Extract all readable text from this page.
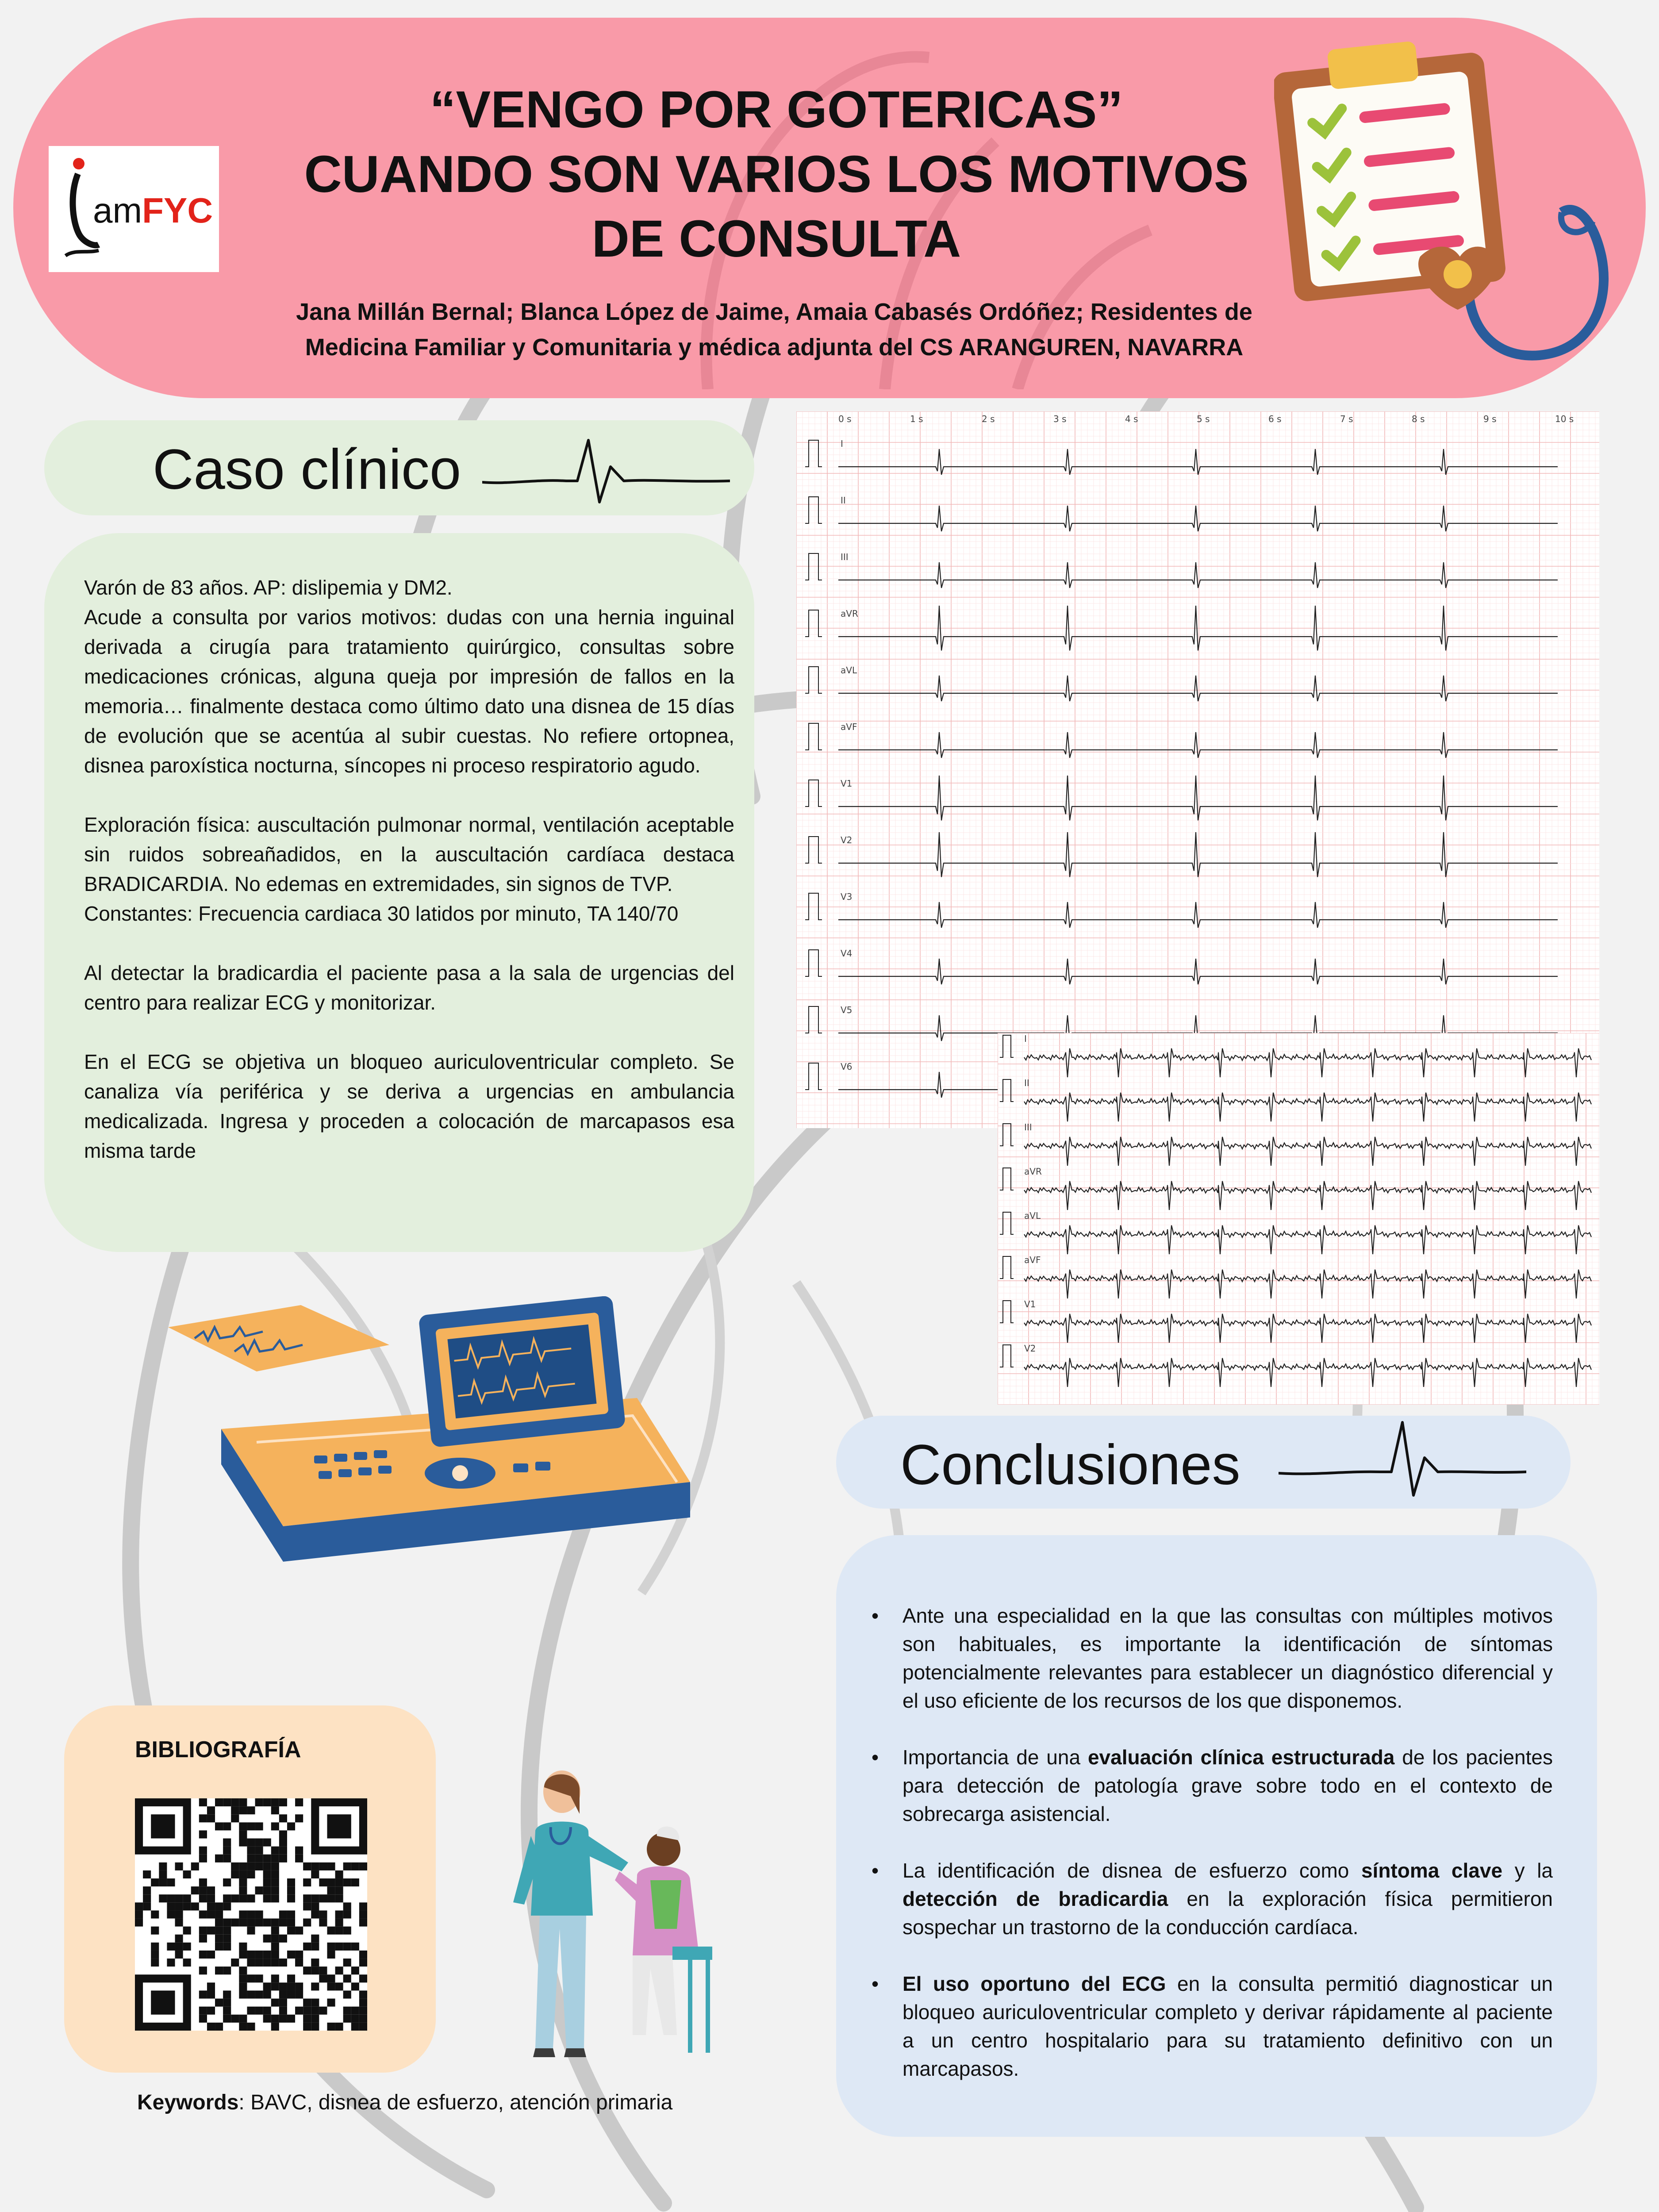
amFYC
“VENGO POR GOTERICAS”
CUANDO SON VARIOS LOS MOTIVOS
DE CONSULTA
Jana Millán Bernal; Blanca López de Jaime, Amaia Cabasés Ordóñez; Residentes de
Medicina Familiar y Comunitaria y médica adjunta del CS ARANGUREN, NAVARRA
Caso clínico

Varón de 83 años. AP: dislipemia y DM2.

Acude a consulta por varios motivos: dudas con una hernia inguinal derivada a cirugía para tratamiento quirúrgico, consultas sobre medicaciones crónicas, alguna queja por impresión de fallos en la memoria… finalmente destaca como último dato una disnea de 15 días de evolución que se acentúa al subir cuestas. No refiere ortopnea, disnea paroxística nocturna, síncopes ni proceso respiratorio agudo.

Exploración física: auscultación pulmonar normal, ventilación aceptable sin ruidos sobreañadidos, en la auscultación cardíaca destaca BRADICARDIA. No edemas en extremidades, sin signos de TVP.

Constantes: Frecuencia cardiaca 30 latidos por minuto, TA 140/70

Al detectar la bradicardia el paciente pasa a la sala de urgencias del centro para realizar ECG y monitorizar.

En el ECG se objetiva un bloqueo auriculoventricular completo. Se canaliza vía periférica y se deriva a urgencias en ambulancia medicalizada. Ingresa y proceden a colocación de marcapasos esa misma tarde

0 s	1 s	2 s	3 s	4 s	5 s	6 s	7 s	8 s	9 s	10 s
I
II
III
aVR
aVL
aVF
V1
V2
V3
V4
V5
V6
I
II
III
aVR
aVL
aVF
V1
V2
Conclusiones
• Ante una especialidad en la que las consultas con múltiples motivos son habituales, es importante la identificación de síntomas potencialmente relevantes para establecer un diagnóstico diferencial y el uso eficiente de los recursos de los que disponemos.
• Importancia de una evaluación clínica estructurada de los pacientes para detección de patología grave sobre todo en el contexto de sobrecarga asistencial.
• La identificación de disnea de esfuerzo como síntoma clave y la detección de bradicardia en la exploración física permitieron sospechar un trastorno de la conducción cardíaca.
• El uso oportuno del ECG en la consulta permitió diagnosticar un bloqueo auriculoventricular completo y derivar rápidamente al paciente a un centro hospitalario para su tratamiento definitivo con un marcapasos.
BIBLIOGRAFÍA
Keywords: BAVC, disnea de esfuerzo, atención primaria
